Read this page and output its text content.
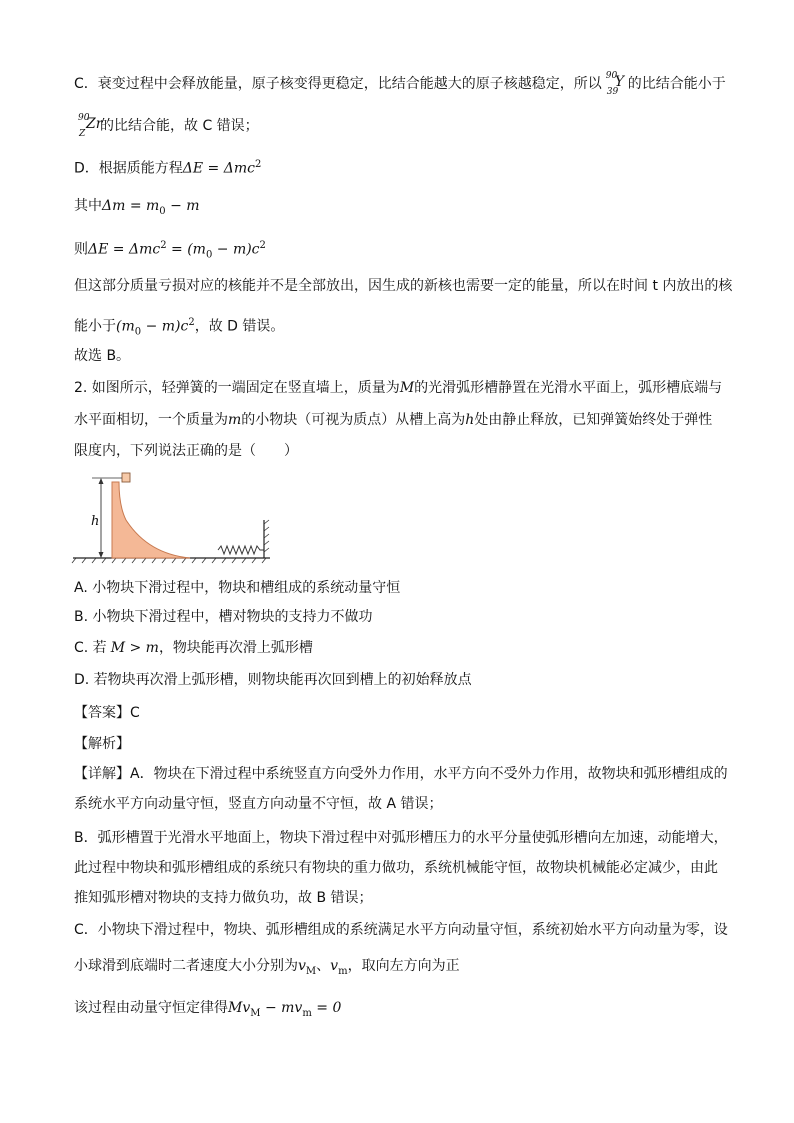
C．衰变过程中会释放能量，原子核变得更稳定，比结合能越大的原子核越稳定，所以 90
39
Y 的比结合能小于
90
Z
Zr
的比结合能，故 C 错误；
D．根据质能方程ΔE = Δmc$^2$
其中$\Delta m = m_0 - m$
则$\Delta E = \Delta mc^2 = (m_0 - m)c^2$
但这部分质量亏损对应的核能并不是全部放出，因生成的新核也需要一定的能量，所以在时间 t 内放出的核
能小于$(m_0 - m)c^2$，故 D 错误。
故选 B。
2. 如图所示，轻弹簧的一端固定在竖直墙上，质量为M的光滑弧形槽静置在光滑水平面上，弧形槽底端与
水平面相切，一个质量为m的小物块（可视为质点）从槽上高为h处由静止释放，已知弹簧始终处于弹性
限度内，下列说法正确的是（　　）
h
A. 小物块下滑过程中，物块和槽组成的系统动量守恒
B. 小物块下滑过程中，槽对物块的支持力不做功
C. 若 M > m，物块能再次滑上弧形槽
D. 若物块再次滑上弧形槽，则物块能再次回到槽上的初始释放点
【答案】C
【解析】
【详解】A．物块在下滑过程中系统竖直方向受外力作用，水平方向不受外力作用，故物块和弧形槽组成的
系统水平方向动量守恒，竖直方向动量不守恒，故 A 错误；
B．弧形槽置于光滑水平地面上，物块下滑过程中对弧形槽压力的水平分量使弧形槽向左加速，动能增大，
此过程中物块和弧形槽组成的系统只有物块的重力做功，系统机械能守恒，故物块机械能必定减少，由此
推知弧形槽对物块的支持力做负功，故 B 错误；
C．小物块下滑过程中，物块、弧形槽组成的系统满足水平方向动量守恒，系统初始水平方向动量为零，设
小球滑到底端时二者速度大小分别为$v_M$、$v_m$，取向左方向为正
该过程由动量守恒定律得$Mv_M - mv_m = 0$
